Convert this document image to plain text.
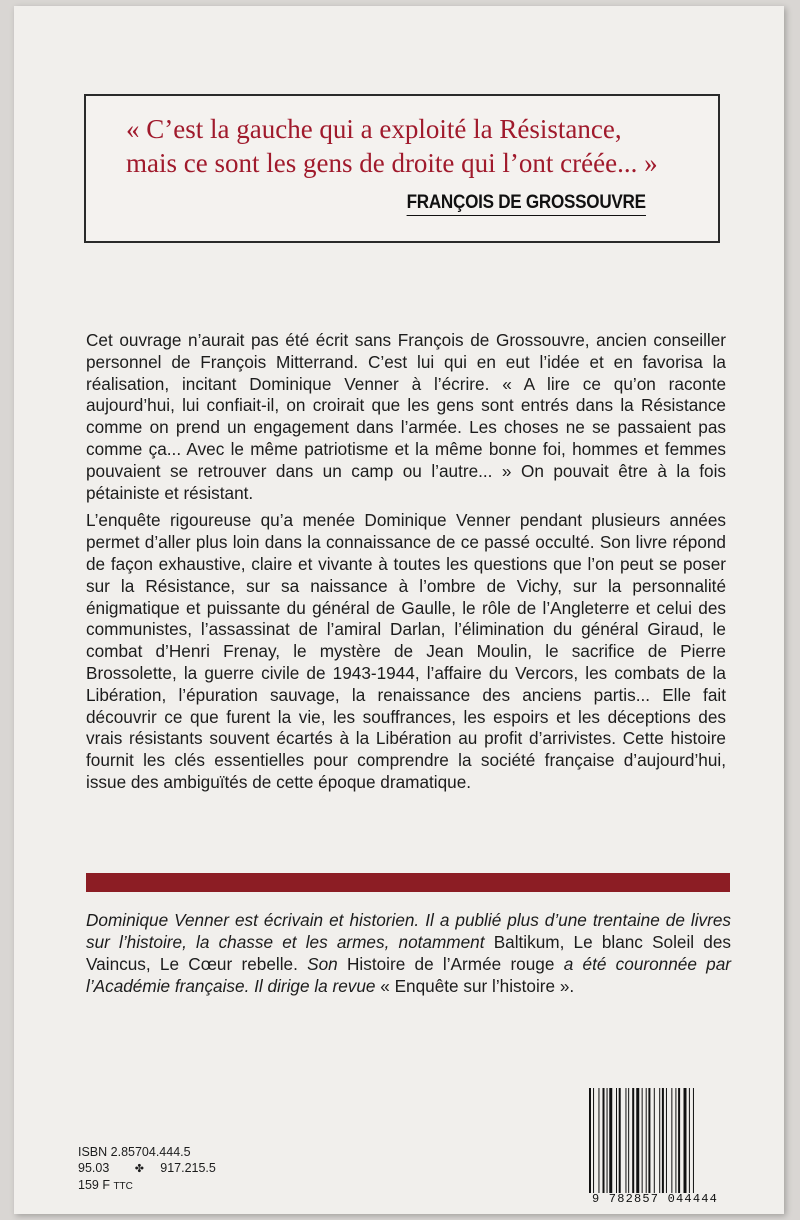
« C’est la gauche qui a exploité la Résistance,
mais ce sont les gens de droite qui l’ont créée... »
FRANÇOIS DE GROSSOUVRE

Cet ouvrage n’aurait pas été écrit sans François de Grossouvre, ancien conseiller personnel de François Mitterrand. C’est lui qui en eut l’idée et en favorisa la réalisation, incitant Dominique Venner à l’écrire. « A lire ce qu’on raconte aujourd’hui, lui confiait-il, on croirait que les gens sont entrés dans la Résistance comme on prend un engagement dans l’armée. Les choses ne se passaient pas comme ça... Avec le même patriotisme et la même bonne foi, hommes et femmes pouvaient se retrouver dans un camp ou l’autre... » On pouvait être à la fois pétainiste et résistant.

L’enquête rigoureuse qu’a menée Dominique Venner pendant plusieurs années permet d’aller plus loin dans la connaissance de ce passé occulté. Son livre répond de façon exhaustive, claire et vivante à toutes les questions que l’on peut se poser sur la Résistance, sur sa naissance à l’ombre de Vichy, sur la personnalité énigmatique et puissante du général de Gaulle, le rôle de l’Angleterre et celui des communistes, l’assassinat de l’amiral Darlan, l’élimination du général Giraud, le combat d’Henri Frenay, le mystère de Jean Moulin, le sacrifice de Pierre Brossolette, la guerre civile de 1943-1944, l’affaire du Vercors, les combats de la Libération, l’épuration sauvage, la renaissance des anciens partis... Elle fait découvrir ce que furent la vie, les souffrances, les espoirs et les déceptions des vrais résistants souvent écartés à la Libération au profit d’arrivistes. Cette histoire fournit les clés essentielles pour comprendre la société française d’aujourd’hui, issue des ambiguïtés de cette époque dramatique.

Dominique Venner est écrivain et historien. Il a publié plus d’une trentaine de livres sur l’histoire, la chasse et les armes, notamment Baltikum, Le blanc Soleil des Vaincus, Le Cœur rebelle. Son Histoire de l’Armée rouge a été couronnée par l’Académie française. Il dirige la revue « Enquête sur l’histoire ».
ISBN 2.85704.444.5
95.03 ✤ 917.215.5
159 F TTC
9 782857 044444
